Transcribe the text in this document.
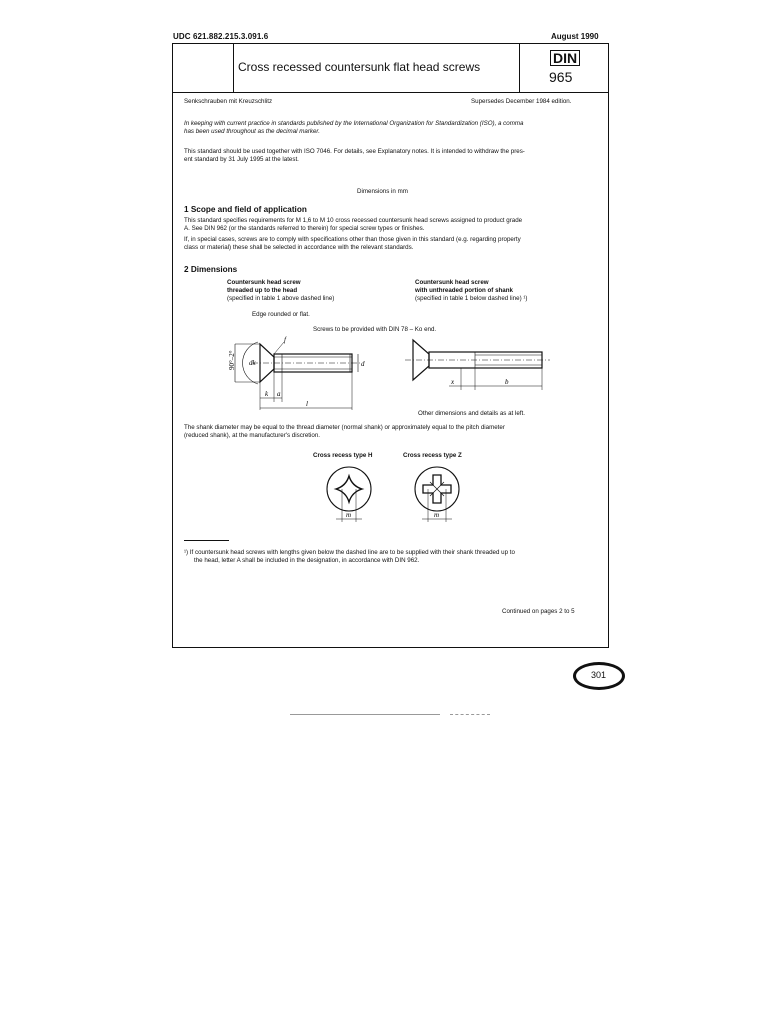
UDC 621.882.215.3.091.6	August 1990
Cross recessed countersunk flat head screws
DIN
965
Senkschrauben mit Kreuzschlitz	Supersedes December 1984 edition.
In keeping with current practice in standards published by the International Organization for Standardization (ISO), a comma
has been used throughout as the decimal marker.
This standard should be used together with ISO 7046. For details, see Explanatory notes. It is intended to withdraw the pres-
ent standard by 31 July 1995 at the latest.
Dimensions in mm
1 Scope and field of application
This standard specifies requirements for M 1,6 to M 10 cross recessed countersunk head screws assigned to product grade
A. See DIN 962 (or the standards referred to therein) for special screw types or finishes.
If, in special cases, screws are to comply with specifications other than those given in this standard (e.g. regarding property
class or material) these shall be selected in accordance with the relevant standards.
2 Dimensions
Countersunk head screw
threaded up to the head
(specified in table 1 above dashed line)
Countersunk head screw
with unthreaded portion of shank
(specified in table 1 below dashed line) ¹)
Edge rounded or flat.
Screws to be provided with DIN 78 – Ko end.
90°–2° dk	d
k a
l
f
x	b
Other dimensions and details as at left.
The shank diameter may be equal to the thread diameter (normal shank) or approximately equal to the pitch diameter
(reduced shank), at the manufacturer's discretion.
Cross recess type H	Cross recess type Z
m	m
¹) If countersunk head screws with lengths given below the dashed line are to be supplied with their shank threaded up to
the head, letter A shall be included in the designation, in accordance with DIN 962.
Continued on pages 2 to 5
301
